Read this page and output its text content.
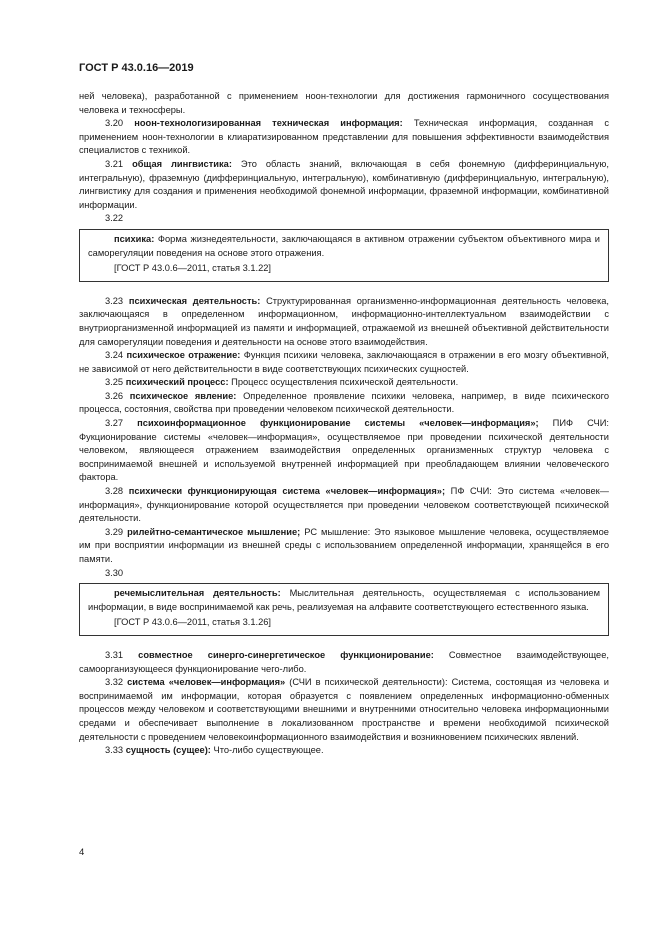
ГОСТ Р 43.0.16—2019

ней человека), разработанной с применением ноон-технологии для достижения гармоничного сосуществования человека и техносферы.

3.20 ноон-технологизированная техническая информация: Техническая информация, созданная с применением ноон-технологии в клиаратизированном представлении для повышения эффективности взаимодействия специалистов с техникой.

3.21 общая лингвистика: Это область знаний, включающая в себя фонемную (дифферинциальную, интегральную), фраземную (дифферинциальную, интегральную), комбинативную (дифферинциальную, интегральную), лингвистику для создания и применения необходимой фонемной информации, фраземной информации, комбинативной информации.

3.22

психика: Форма жизнедеятельности, заключающаяся в активном отражении субъектом объективного мира и саморегуляции поведения на основе этого отражения.

[ГОСТ Р 43.0.6—2011, статья 3.1.22]

3.23 психическая деятельность: Структурированная организменно-информационная деятельность человека, заключающаяся в определенном информационном, информационно-интеллектуальном взаимодействии с внутриорганизменной информацией из памяти и информацией, отражаемой из внешней объективной действительности для саморегуляции поведения и деятельности на основе этого взаимодействия.

3.24 психическое отражение: Функция психики человека, заключающаяся в отражении в его мозгу объективной, не зависимой от него действительности в виде соответствующих психических сущностей.

3.25 психический процесс: Процесс осуществления психической деятельности.

3.26 психическое явление: Определенное проявление психики человека, например, в виде психического процесса, состояния, свойства при проведении человеком психической деятельности.

3.27 психоинформационное функционирование системы «человек—информация»; ПИФ СЧИ: Фукционирование системы «человек—информация», осуществляемое при проведении психической деятельности человеком, являющееся отражением взаимодействия определенных организменных структур человека с воспринимаемой внешней и используемой внутренней информацией при преобладающем влиянии человеческого фактора.

3.28 психически функционирующая система «человек—информация»; ПФ СЧИ: Это система «человек—информация», функционирование которой осуществляется при проведении человеком соответствующей психической деятельности.

3.29 рилейтно-семантическое мышление; РС мышление: Это языковое мышление человека, осуществляемое им при восприятии информации из внешней среды с использованием определенной информации, хранящейся в его памяти.

3.30

речемыслительная деятельность: Мыслительная деятельность, осуществляемая с использованием информации, в виде воспринимаемой как речь, реализуемая на алфавите соответствующего естественного языка.

[ГОСТ Р 43.0.6—2011, статья 3.1.26]

3.31 совместное синерго-синергетическое функционирование: Совместное взаимодействующее, самоорганизующееся функционирование чего-либо.

3.32 система «человек—информация» (СЧИ в психической деятельности): Система, состоящая из человека и воспринимаемой им информации, которая образуется с появлением определенных информационно-обменных процессов между человеком и соответствующими внешними и внутренними относительно человека информационными средами и обеспечивает выполнение в локализованном пространстве и времени необходимой психической деятельности с проведением человекоинформационного взаимодействия и возникновением психических явлений.

3.33 сущность (сущее): Что-либо существующее.

4
